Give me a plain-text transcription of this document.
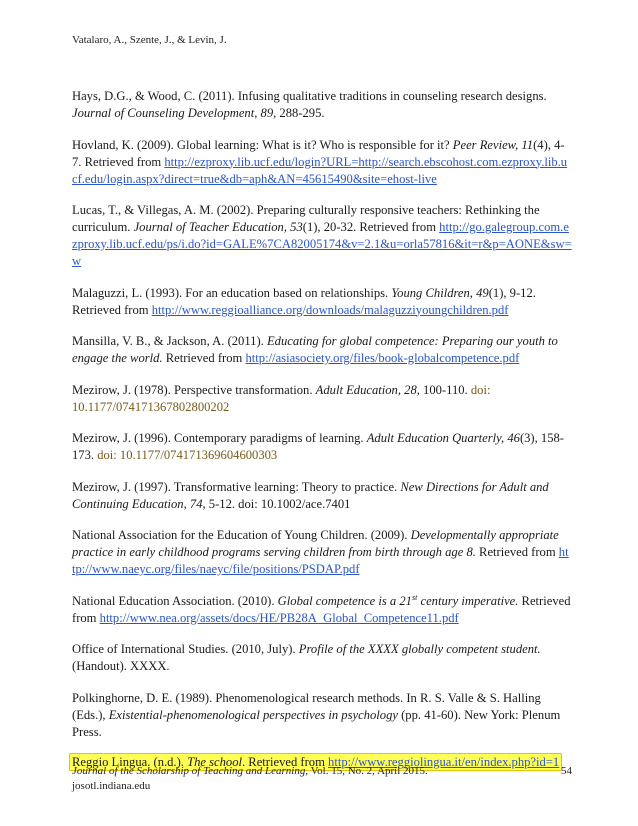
Vatalaro, A., Szente, J., & Levin, J.

Hays, D.G., & Wood, C. (2011). Infusing qualitative traditions in counseling research designs. Journal of Counseling Development, 89, 288-295.

Hovland, K. (2009). Global learning: What is it? Who is responsible for it? Peer Review, 11(4), 4-7. Retrieved from http://ezproxy.lib.ucf.edu/login?URL=http://search.ebscohost.com.ezproxy.lib.ucf.edu/login.aspx?direct=true&db=aph&AN=45615490&site=ehost-live

Lucas, T., & Villegas, A. M. (2002). Preparing culturally responsive teachers: Rethinking the curriculum. Journal of Teacher Education, 53(1), 20-32. Retrieved from http://go.galegroup.com.ezproxy.lib.ucf.edu/ps/i.do?id=GALE%7CA82005174&v=2.1&u=orla57816&it=r&p=AONE&sw=w

Malaguzzi, L. (1993). For an education based on relationships. Young Children, 49(1), 9-12. Retrieved from http://www.reggioalliance.org/downloads/malaguzziyoungchildren.pdf

Mansilla, V. B., & Jackson, A. (2011). Educating for global competence: Preparing our youth to engage the world. Retrieved from http://asiasociety.org/files/book-globalcompetence.pdf

Mezirow, J. (1978). Perspective transformation. Adult Education, 28, 100-110. doi: 10.1177/074171367802800202

Mezirow, J. (1996). Contemporary paradigms of learning. Adult Education Quarterly, 46(3), 158-173. doi: 10.1177/074171369604600303

Mezirow, J. (1997). Transformative learning: Theory to practice. New Directions for Adult and Continuing Education, 74, 5-12. doi: 10.1002/ace.7401

National Association for the Education of Young Children. (2009). Developmentally appropriate practice in early childhood programs serving children from birth through age 8. Retrieved from http://www.naeyc.org/files/naeyc/file/positions/PSDAP.pdf

National Education Association. (2010). Global competence is a 21st century imperative. Retrieved from http://www.nea.org/assets/docs/HE/PB28A_Global_Competence11.pdf

Office of International Studies. (2010, July). Profile of the XXXX globally competent student. (Handout). XXXX.

Polkinghorne, D. E. (1989). Phenomenological research methods. In R. S. Valle & S. Halling (Eds.), Existential-phenomenological perspectives in psychology (pp. 41-60). New York: Plenum Press.

Reggio Lingua. (n.d.). The school. Retrieved from http://www.reggiolingua.it/en/index.php?id=1

Journal of the Scholarship of Teaching and Learning, Vol. 15, No. 2, April 2015.
josotl.indiana.edu
54
